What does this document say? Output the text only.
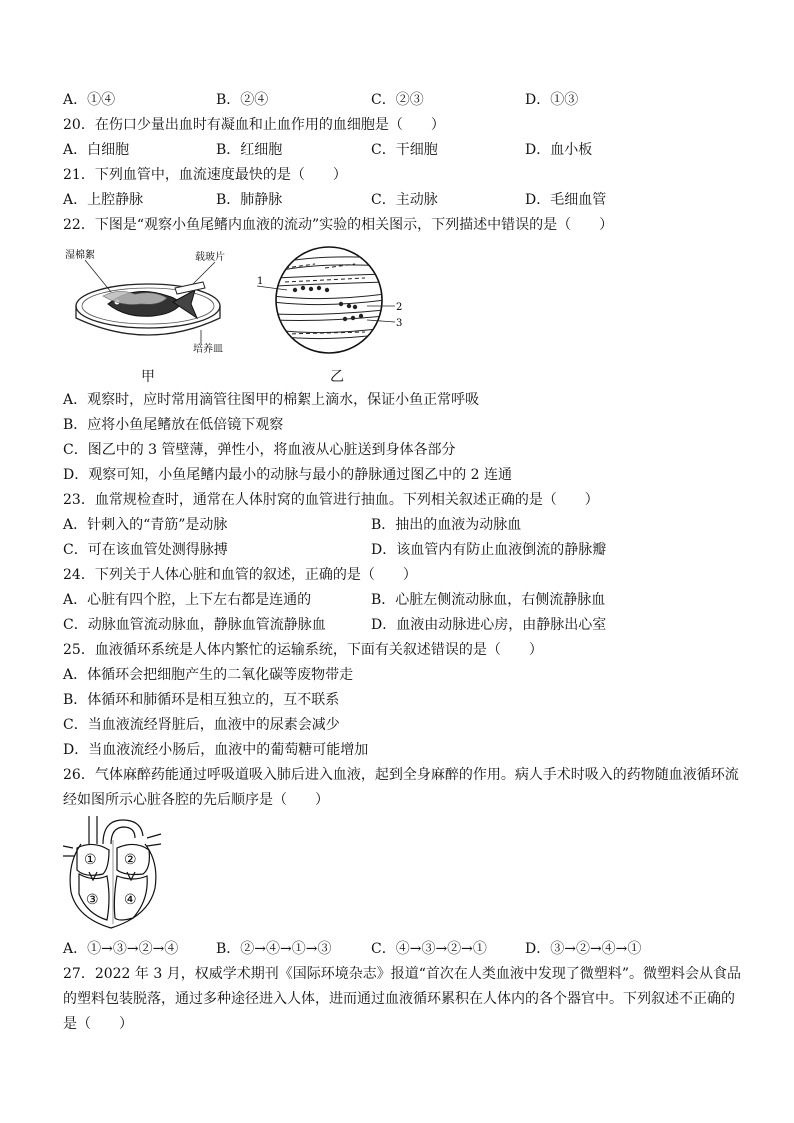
A．①④	B．②④	C．②③	D．①③
20．在伤口少量出血时有凝血和止血作用的血细胞是（　　）
A．白细胞	B．红细胞	C．干细胞	D．血小板
21．下列血管中，血流速度最快的是（　　）
A．上腔静脉	B．肺静脉	C．主动脉	D．毛细血管
22．下图是“观察小鱼尾鳍内血液的流动”实验的相关图示，下列描述中错误的是（　　）
湿棉絮	载玻片
培养皿
1
2
3
甲	乙
A．观察时，应时常用滴管往图甲的棉絮上滴水，保证小鱼正常呼吸
B．应将小鱼尾鳍放在低倍镜下观察
C．图乙中的 3 管壁薄，弹性小，将血液从心脏送到身体各部分
D．观察可知，小鱼尾鳍内最小的动脉与最小的静脉通过图乙中的 2 连通
23．血常规检查时，通常在人体肘窝的血管进行抽血。下列相关叙述正确的是（　　）
A．针刺入的“青筋”是动脉	B．抽出的血液为动脉血
C．可在该血管处测得脉搏	D．该血管内有防止血液倒流的静脉瓣
24．下列关于人体心脏和血管的叙述，正确的是（　　）
A．心脏有四个腔，上下左右都是连通的	B．心脏左侧流动脉血，右侧流静脉血
C．动脉血管流动脉血，静脉血管流静脉血	D．血液由动脉进心房，由静脉出心室
25．血液循环系统是人体内繁忙的运输系统，下面有关叙述错误的是（　　）
A．体循环会把细胞产生的二氧化碳等废物带走
B．体循环和肺循环是相互独立的，互不联系
C．当血液流经肾脏后，血液中的尿素会减少
D．当血液流经小肠后，血液中的葡萄糖可能增加
26．气体麻醉药能通过呼吸道吸入肺后进入血液，起到全身麻醉的作用。病人手术时吸入的药物随血液循环流
经如图所示心脏各腔的先后顺序是（　　）
① ②
③ ④
A．①→③→②→④	B．②→④→①→③	C．④→③→②→①	D．③→②→④→①
27．2022 年 3 月，权威学术期刊《国际环境杂志》报道“首次在人类血液中发现了微塑料”。微塑料会从食品
的塑料包装脱落，通过多种途径进入人体，进而通过血液循环累积在人体内的各个器官中。下列叙述不正确的
是（　　）
